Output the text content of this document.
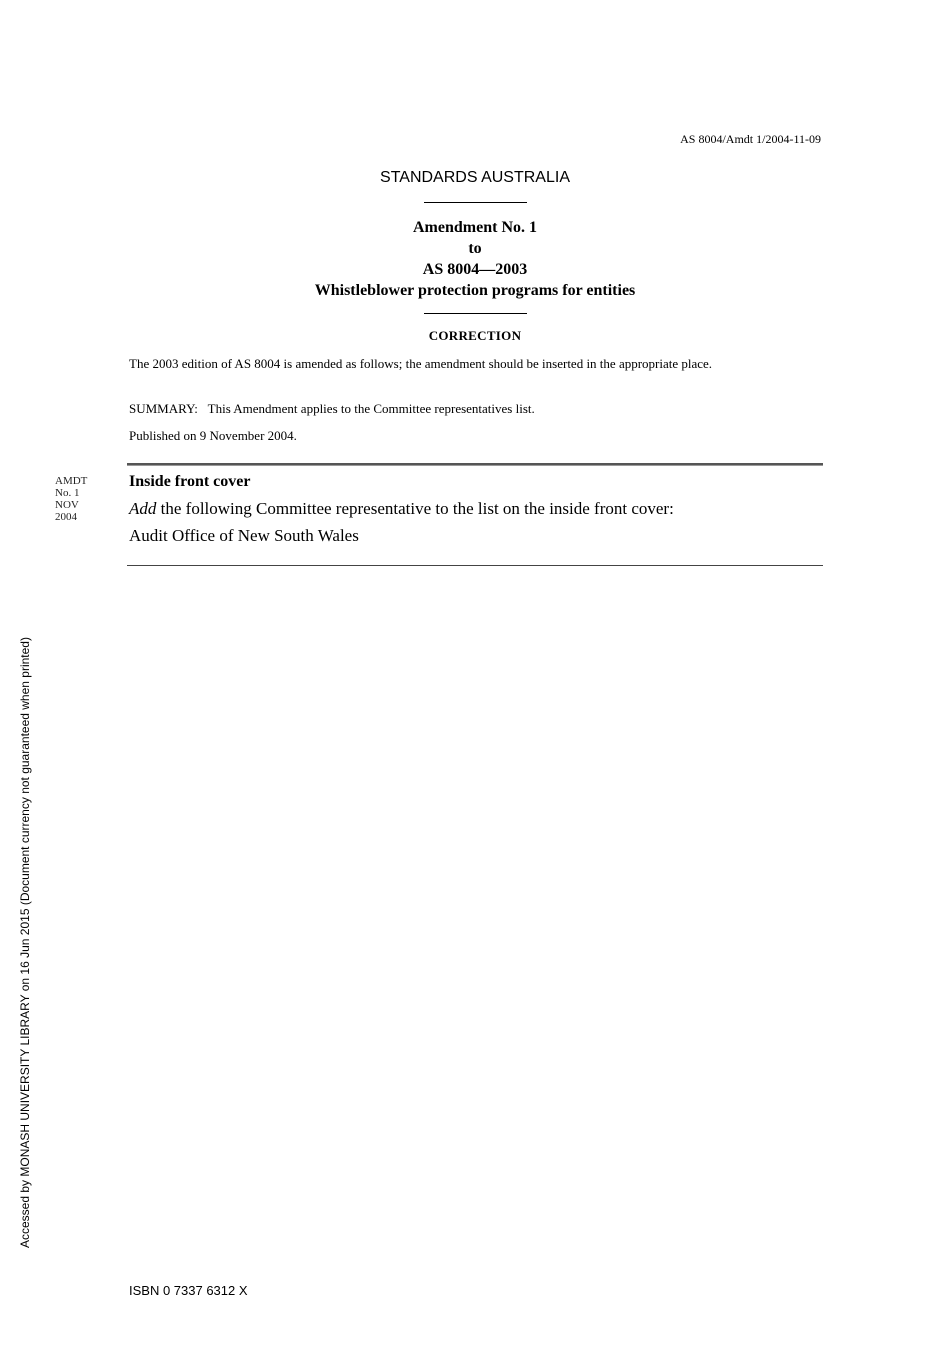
AS 8004/Amdt 1/2004-11-09
STANDARDS AUSTRALIA
Amendment No. 1
to
AS 8004—2003
Whistleblower protection programs for entities
CORRECTION
The 2003 edition of AS 8004 is amended as follows; the amendment should be inserted in the appropriate place.
SUMMARY: This Amendment applies to the Committee representatives list.
Published on 9 November 2004.
AMDT
No. 1
NOV
2004
Inside front cover
Add the following Committee representative to the list on the inside front cover:
Audit Office of New South Wales
Accessed by MONASH UNIVERSITY LIBRARY on 16 Jun 2015 (Document currency not guaranteed when printed)
ISBN 0 7337 6312 X
